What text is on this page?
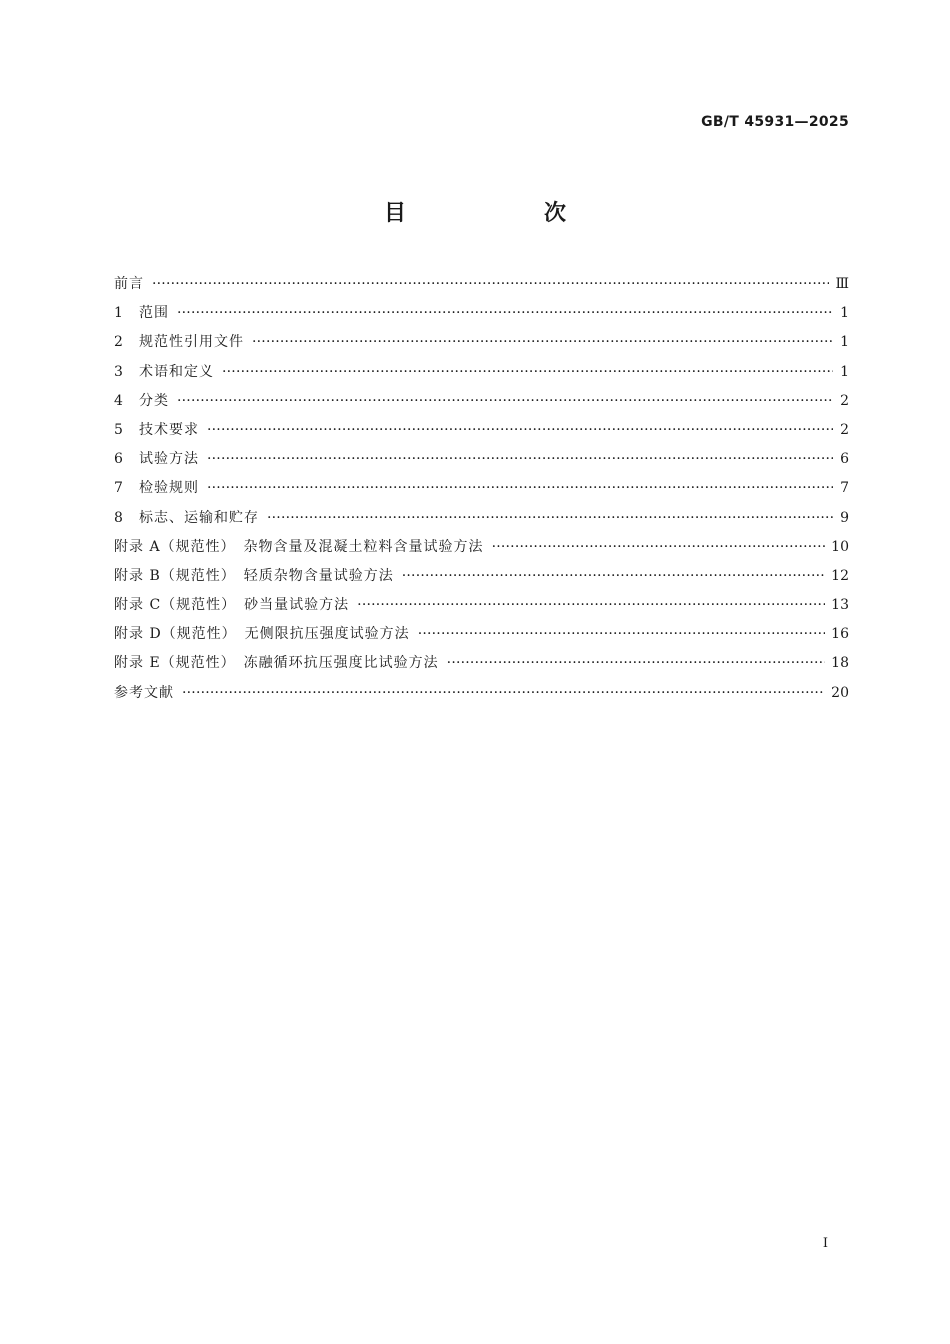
GB/T 45931—2025
目　次
前言 ·····	Ⅲ
1	范围 ·····	1
2	规范性引用文件 ·····	1
3	术语和定义 ·····	1
4	分类 ·····	2
5	技术要求 ·····	2
6	试验方法 ·····	6
7	检验规则 ·····	7
8	标志、运输和贮存 ·····	9
附录 A（规范性）　杂物含量及混凝土粒料含量试验方法 ·····	10
附录 B（规范性）　轻质杂物含量试验方法 ·····	12
附录 C（规范性）　砂当量试验方法 ·····	13
附录 D（规范性）　无侧限抗压强度试验方法 ·····	16
附录 E（规范性）　冻融循环抗压强度比试验方法 ·····	18
参考文献 ·····	20
Ⅰ
